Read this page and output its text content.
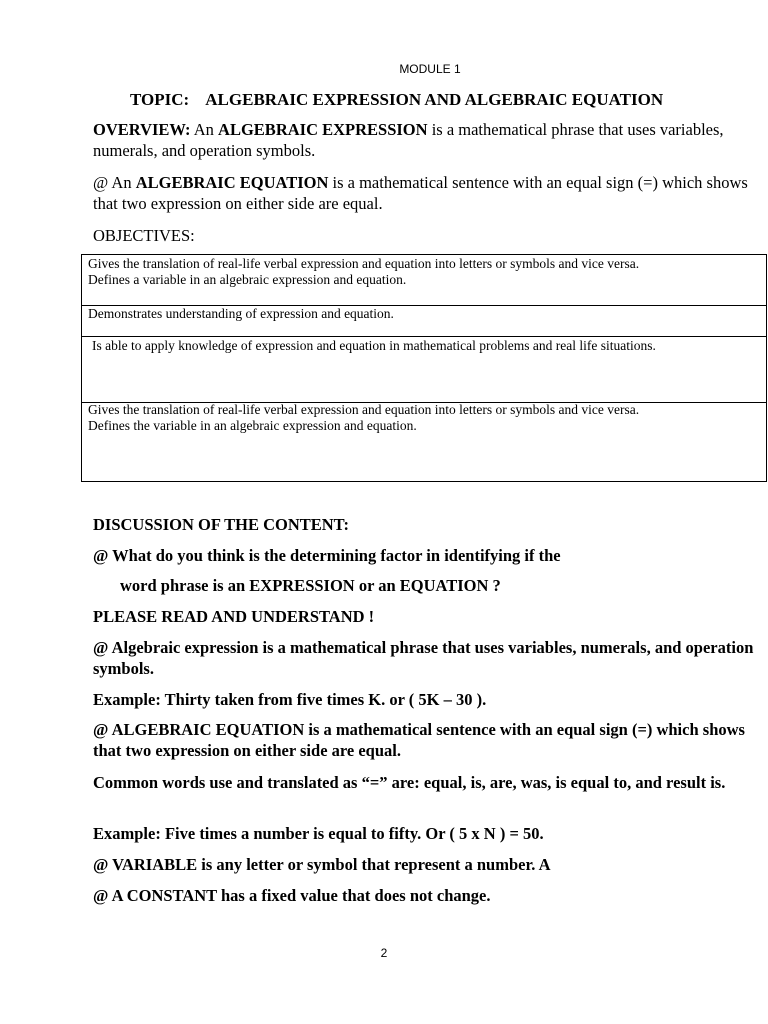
MODULE 1
TOPIC: ALGEBRAIC EXPRESSION AND ALGEBRAIC EQUATION
OVERVIEW: An ALGEBRAIC EXPRESSION is a mathematical phrase that uses variables, numerals, and operation symbols.
@ An ALGEBRAIC EQUATION is a mathematical sentence with an equal sign (=) which shows that two expression on either side are equal.
OBJECTIVES:
Gives the translation of real-life verbal expression and equation into letters or symbols and vice versa.
Defines a variable in an algebraic expression and equation.
Demonstrates understanding of expression and equation.
Is able to apply knowledge of expression and equation in mathematical problems and real life situations.
Gives the translation of real-life verbal expression and equation into letters or symbols and vice versa.
Defines the variable in an algebraic expression and equation.
DISCUSSION OF THE CONTENT:
@ What do you think is the determining factor in identifying if the
word phrase is an EXPRESSION or an EQUATION ?
PLEASE READ AND UNDERSTAND !
@ Algebraic expression is a mathematical phrase that uses variables, numerals, and operation symbols.
Example: Thirty taken from five times K. or ( 5K – 30 ).
@ ALGEBRAIC EQUATION is a mathematical sentence with an equal sign (=) which shows that two expression on either side are equal.
Common words use and translated as “=” are: equal, is, are, was, is equal to, and result is.
Example: Five times a number is equal to fifty. Or ( 5 x N ) = 50.
@ VARIABLE is any letter or symbol that represent a number. A
@ A CONSTANT has a fixed value that does not change.
2
